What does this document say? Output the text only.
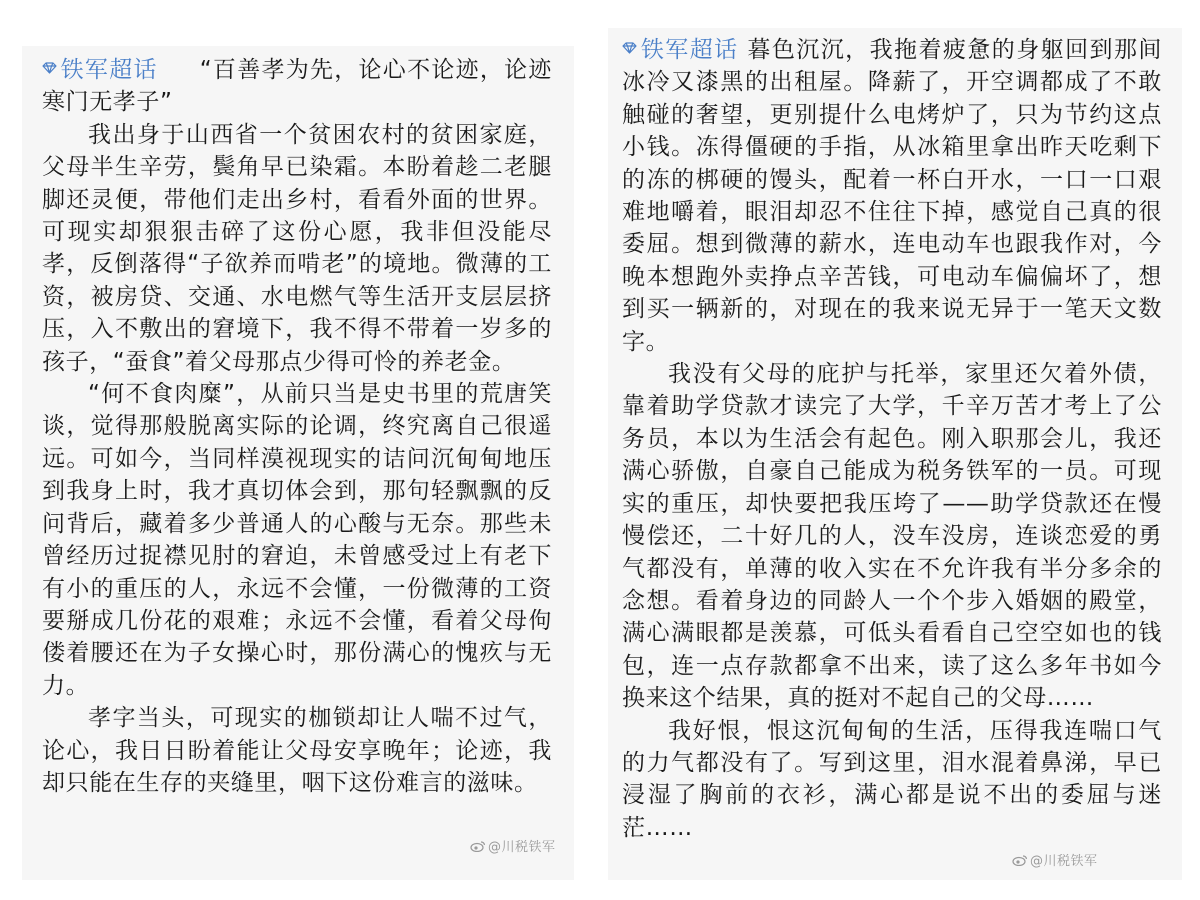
铁军超话 “百善孝为先，论心不论迹，论迹寒门无孝子”

我出身于山西省一个贫困农村的贫困家庭，父母半生辛劳，鬓角早已染霜。本盼着趁二老腿脚还灵便，带他们走出乡村，看看外面的世界。可现实却狠狠击碎了这份心愿，我非但没能尽孝，反倒落得“子欲养而啃老”的境地。微薄的工资，被房贷、交通、水电燃气等生活开支层层挤压，入不敷出的窘境下，我不得不带着一岁多的孩子，“蚕食”着父母那点少得可怜的养老金。

“何不食肉糜”，从前只当是史书里的荒唐笑谈，觉得那般脱离实际的论调，终究离自己很遥远。可如今，当同样漠视现实的诘问沉甸甸地压到我身上时，我才真切体会到，那句轻飘飘的反问背后，藏着多少普通人的心酸与无奈。那些未曾经历过捉襟见肘的窘迫，未曾感受过上有老下有小的重压的人，永远不会懂，一份微薄的工资要掰成几份花的艰难；永远不会懂，看着父母佝偻着腰还在为子女操心时，那份满心的愧疚与无力。

孝字当头，可现实的枷锁却让人喘不过气，论心，我日日盼着能让父母安享晚年；论迹，我却只能在生存的夹缝里，咽下这份难言的滋味。

@川税铁军

铁军超话 暮色沉沉，我拖着疲惫的身躯回到那间冰冷又漆黑的出租屋。降薪了，开空调都成了不敢触碰的奢望，更别提什么电烤炉了，只为节约这点小钱。冻得僵硬的手指，从冰箱里拿出昨天吃剩下的冻的梆硬的馒头，配着一杯白开水，一口一口艰难地嚼着，眼泪却忍不住往下掉，感觉自己真的很委屈。想到微薄的薪水，连电动车也跟我作对，今晚本想跑外卖挣点辛苦钱，可电动车偏偏坏了，想到买一辆新的，对现在的我来说无异于一笔天文数字。

我没有父母的庇护与托举，家里还欠着外债，靠着助学贷款才读完了大学，千辛万苦才考上了公务员，本以为生活会有起色。刚入职那会儿，我还满心骄傲，自豪自己能成为税务铁军的一员。可现实的重压，却快要把我压垮了——助学贷款还在慢慢偿还，二十好几的人，没车没房，连谈恋爱的勇气都没有，单薄的收入实在不允许我有半分多余的念想。看着身边的同龄人一个个步入婚姻的殿堂，满心满眼都是羡慕，可低头看看自己空空如也的钱包，连一点存款都拿不出来，读了这么多年书如今换来这个结果，真的挺对不起自己的父母……

我好恨，恨这沉甸甸的生活，压得我连喘口气的力气都没有了。写到这里，泪水混着鼻涕，早已浸湿了胸前的衣衫，满心都是说不出的委屈与迷茫……

@川税铁军
